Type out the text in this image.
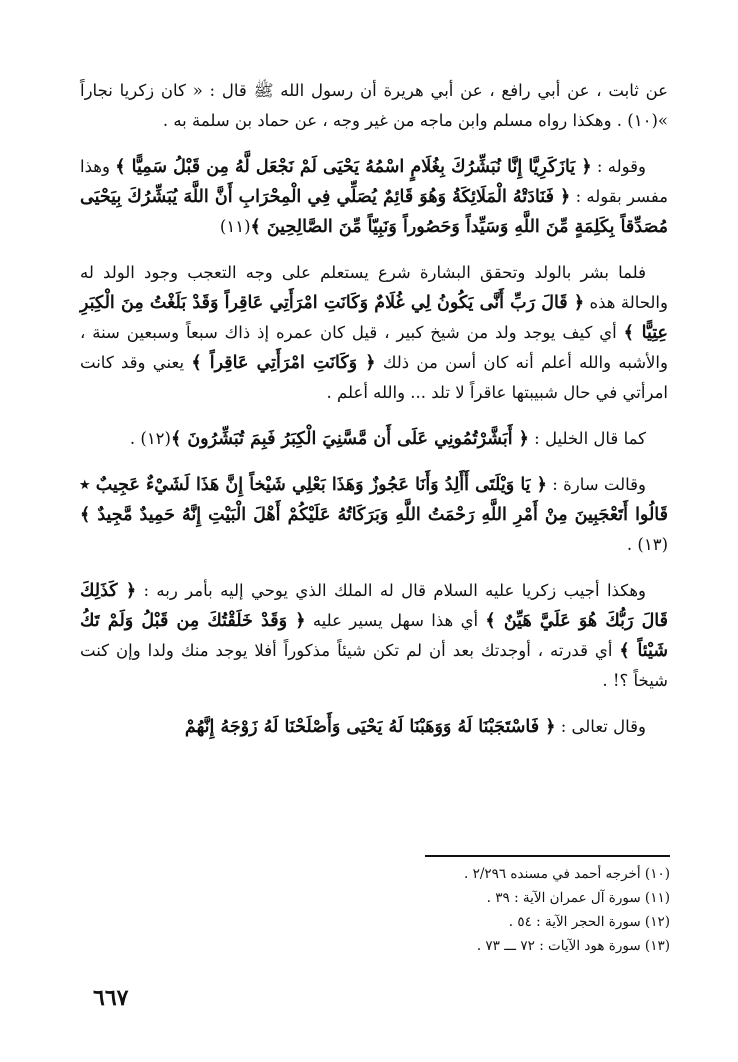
عن ثابت ، عن أبي رافع ، عن أبي هريرة أن رسول الله ﷺ قال : « كان زكريا نجاراً »(١٠) . وهكذا رواه مسلم وابن ماجه من غير وجه ، عن حماد بن سلمة به .

وقوله : ﴿ يَازَكَرِيَّا إِنَّا نُبَشِّرُكَ بِغُلَامٍ اسْمُهُ يَحْيَى لَمْ نَجْعَل لَّهُ مِن قَبْلُ سَمِيًّا ﴾ وهذا مفسر بقوله : ﴿ فَنَادَتْهُ الْمَلَائِكَةُ وَهُوَ قَائِمٌ يُصَلِّي فِي الْمِحْرَابِ أَنَّ اللَّهَ يُبَشِّرُكَ بِيَحْيَى مُصَدِّقاً بِكَلِمَةٍ مِّنَ اللَّهِ وَسَيِّداً وَحَصُوراً وَنَبِيّاً مِّنَ الصَّالِحِينَ ﴾(١١)

فلما بشر بالولد وتحقق البشارة شرع يستعلم على وجه التعجب وجود الولد له والحالة هذه ﴿ قَالَ رَبِّ أَنَّى يَكُونُ لِي غُلَامٌ وَكَانَتِ امْرَأَتِي عَاقِراً وَقَدْ بَلَغْتُ مِنَ الْكِبَرِ عِتِيًّا ﴾ أي كيف يوجد ولد من شيخ كبير ، قيل كان عمره إذ ذاك سبعاً وسبعين سنة ، والأشبه والله أعلم أنه كان أسن من ذلك ﴿ وَكَانَتِ امْرَأَتِي عَاقِراً ﴾ يعني وقد كانت امرأتي في حال شبيبتها عاقراً لا تلد ... والله أعلم .

كما قال الخليل : ﴿ أَبَشَّرْتُمُونِي عَلَى أَن مَّسَّنِيَ الْكِبَرُ فَبِمَ تُبَشِّرُونَ ﴾(١٢) .

وقالت سارة : ﴿ يَا وَيْلَتَى أَأَلِدُ وَأَنَا عَجُوزٌ وَهَذَا بَعْلِي شَيْخاً إِنَّ هَذَا لَشَيْءٌ عَجِيبٌ ٭ قَالُوا أَتَعْجَبِينَ مِنْ أَمْرِ اللَّهِ رَحْمَتُ اللَّهِ وَبَرَكَاتُهُ عَلَيْكُمْ أَهْلَ الْبَيْتِ إِنَّهُ حَمِيدٌ مَّجِيدٌ ﴾(١٣) .

وهكذا أجيب زكريا عليه السلام قال له الملك الذي يوحي إليه بأمر ربه : ﴿ كَذَلِكَ قَالَ رَبُّكَ هُوَ عَلَيَّ هَيِّنٌ ﴾ أي هذا سهل يسير عليه ﴿ وَقَدْ خَلَقْتُكَ مِن قَبْلُ وَلَمْ تَكُ شَيْئاً ﴾ أي قدرته ، أوجدتك بعد أن لم تكن شيئاً مذكوراً أفلا يوجد منك ولدا وإن كنت شيخاً ؟! .

وقال تعالى : ﴿ فَاسْتَجَبْنَا لَهُ وَوَهَبْنَا لَهُ يَحْيَى وَأَصْلَحْنَا لَهُ زَوْجَهُ إِنَّهُمْ

(١٠) أخرجه أحمد في مسنده ٢/٢٩٦ .
(١١) سورة آل عمران الآية : ٣٩ .
(١٢) سورة الحجر الآية : ٥٤ .
(١٣) سورة هود الآيات : ٧٢ ـــ ٧٣ .
٦٦٧
